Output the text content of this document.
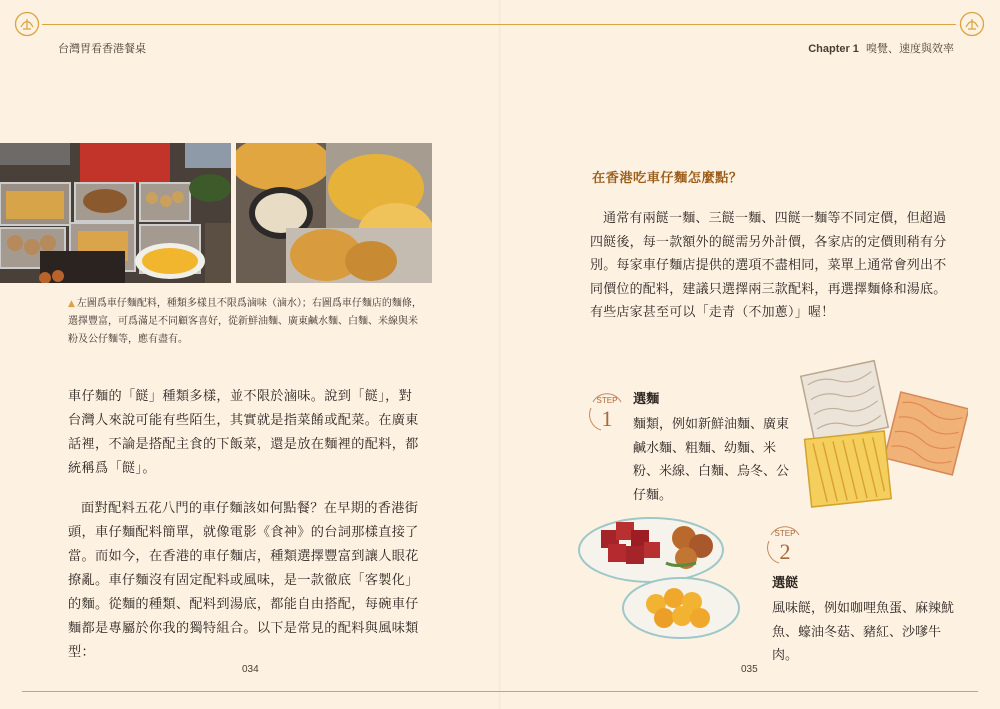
台灣胃看香港餐桌	Chapter 1 嗅覺、速度與效率
▲ 左圖爲車仔麵配料，種類多樣且不限爲滷味（滷水）；右圖爲車仔麵店的麵條，選擇豐富，可爲滿足不同顧客喜好，從新鮮油麵、廣東鹹水麵、白麵、米線與米粉及公仔麵等，應有盡有。

車仔麵的「餸」種類多樣，並不限於滷味。說到「餸」，對台灣人來說可能有些陌生，其實就是指菜餚或配菜。在廣東話裡，不論是搭配主食的下飯菜，還是放在麵裡的配料，都統稱爲「餸」。

面對配料五花八門的車仔麵該如何點餐？在早期的香港街頭，車仔麵配料簡單，就像電影《食神》的台詞那樣直接了當。而如今，在香港的車仔麵店，種類選擇豐富到讓人眼花撩亂。車仔麵沒有固定配料或風味，是一款徹底「客製化」的麵。從麵的種類、配料到湯底，都能自由搭配，每碗車仔麵都是專屬於你我的獨特組合。以下是常見的配料與風味類型：

034
在香港吃車仔麵怎麼點？

通常有兩餸一麵、三餸一麵、四餸一麵等不同定價，但超過四餸後，每一款額外的餸需另外計價，各家店的定價則稍有分別。每家車仔麵店提供的選項不盡相同，菜單上通常會列出不同價位的配料，建議只選擇兩三款配料，再選擇麵條和湯底。有些店家甚至可以「走青（不加蔥）」喔！

STEP
1
選麵
麵類，例如新鮮油麵、廣東鹹水麵、粗麵、幼麵、米粉、米線、白麵、烏冬、公仔麵。
STEP
2
選餸
風味餸，例如咖哩魚蛋、麻辣魷魚、蠔油冬菇、豬紅、沙嗲牛肉。
035
